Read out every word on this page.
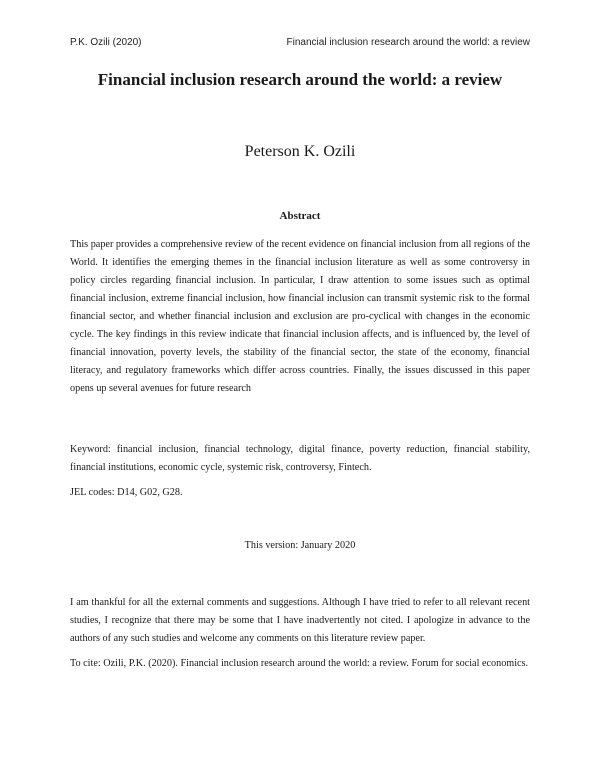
P.K. Ozili (2020)	Financial inclusion research around the world: a review
Financial inclusion research around the world: a review

Peterson K. Ozili

Abstract

This paper provides a comprehensive review of the recent evidence on financial inclusion from all regions of the World. It identifies the emerging themes in the financial inclusion literature as well as some controversy in policy circles regarding financial inclusion. In particular, I draw attention to some issues such as optimal financial inclusion, extreme financial inclusion, how financial inclusion can transmit systemic risk to the formal financial sector, and whether financial inclusion and exclusion are pro-cyclical with changes in the economic cycle. The key findings in this review indicate that financial inclusion affects, and is influenced by, the level of financial innovation, poverty levels, the stability of the financial sector, the state of the economy, financial literacy, and regulatory frameworks which differ across countries. Finally, the issues discussed in this paper opens up several avenues for future research

Keyword: financial inclusion, financial technology, digital finance, poverty reduction, financial stability, financial institutions, economic cycle, systemic risk, controversy, Fintech.

JEL codes: D14, G02, G28.

This version: January 2020

I am thankful for all the external comments and suggestions. Although I have tried to refer to all relevant recent studies, I recognize that there may be some that I have inadvertently not cited. I apologize in advance to the authors of any such studies and welcome any comments on this literature review paper.

To cite: Ozili, P.K. (2020). Financial inclusion research around the world: a review. Forum for social economics.
